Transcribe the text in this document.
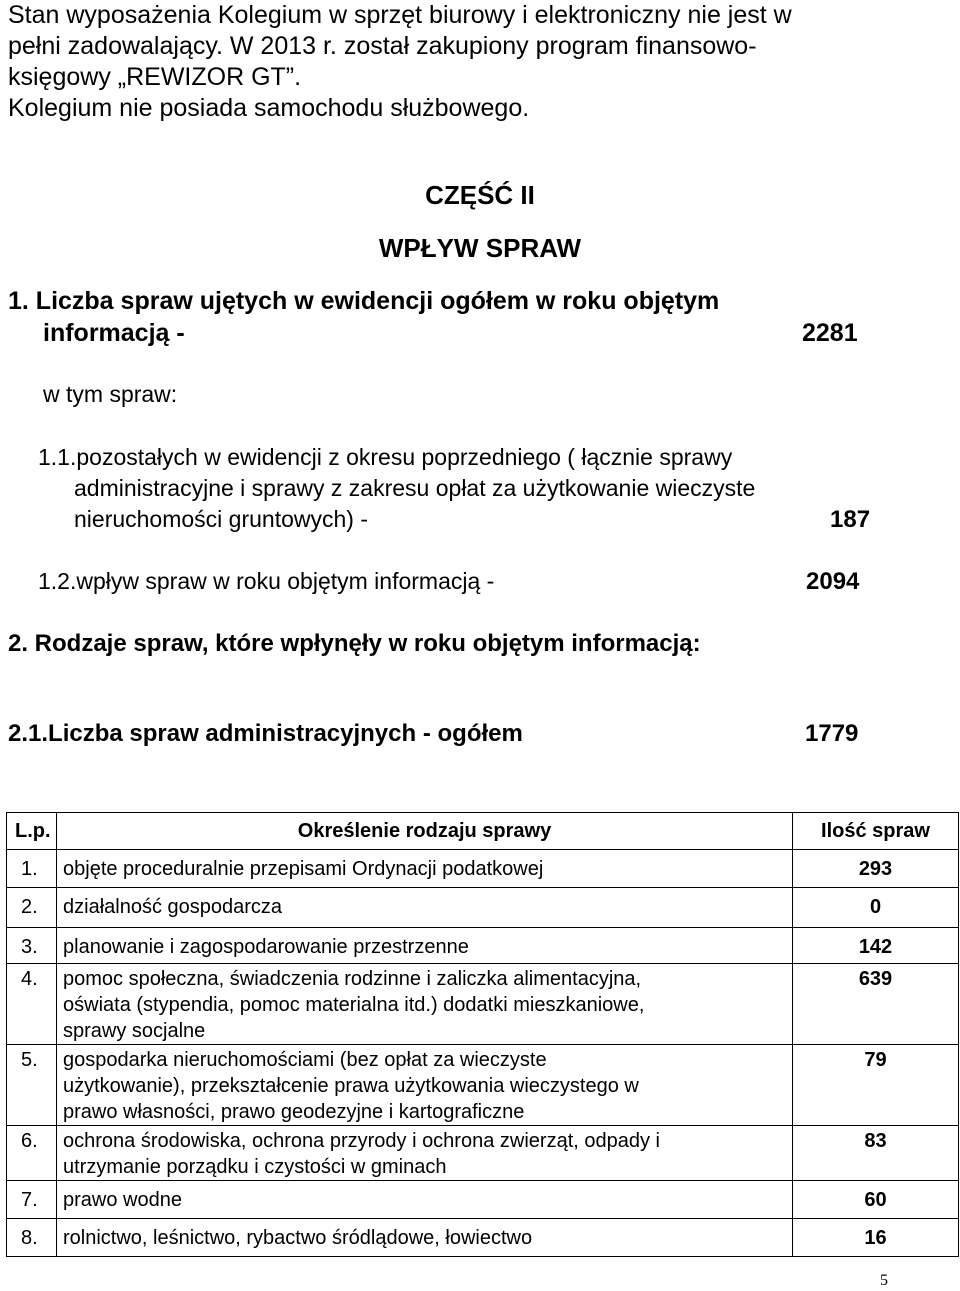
Stan wyposażenia Kolegium w sprzęt biurowy i elektroniczny nie jest w
pełni zadowalający. W 2013 r. został zakupiony program finansowo-
księgowy „REWIZOR GT”.
Kolegium nie posiada samochodu służbowego.
CZĘŚĆ II
WPŁYW SPRAW
1. Liczba spraw ujętych w ewidencji ogółem w roku objętym
informacją -	2281
w tym spraw:
1.1.pozostałych w ewidencji z okresu poprzedniego ( łącznie sprawy
administracyjne i sprawy z zakresu opłat za użytkowanie wieczyste
nieruchomości gruntowych) -	187
1.2.wpływ spraw w roku objętym informacją -	2094
2. Rodzaje spraw, które wpłynęły w roku objętym informacją:
2.1.Liczba spraw administracyjnych - ogółem	1779
L.p.	Określenie rodzaju sprawy	Ilość spraw
1.	objęte proceduralnie przepisami Ordynacji podatkowej	293
2.	działalność gospodarcza	0
3.	planowanie i zagospodarowanie przestrzenne	142
4.	pomoc społeczna, świadczenia rodzinne i zaliczka alimentacyjna,
oświata (stypendia, pomoc materialna itd.) dodatki mieszkaniowe,
sprawy socjalne	639
5.	gospodarka nieruchomościami (bez opłat za wieczyste
użytkowanie), przekształcenie prawa użytkowania wieczystego w
prawo własności, prawo geodezyjne i kartograficzne	79
6.	ochrona środowiska, ochrona przyrody i ochrona zwierząt, odpady i
utrzymanie porządku i czystości w gminach	83
7.	prawo wodne	60
8.	rolnictwo, leśnictwo, rybactwo śródlądowe, łowiectwo	16
5
